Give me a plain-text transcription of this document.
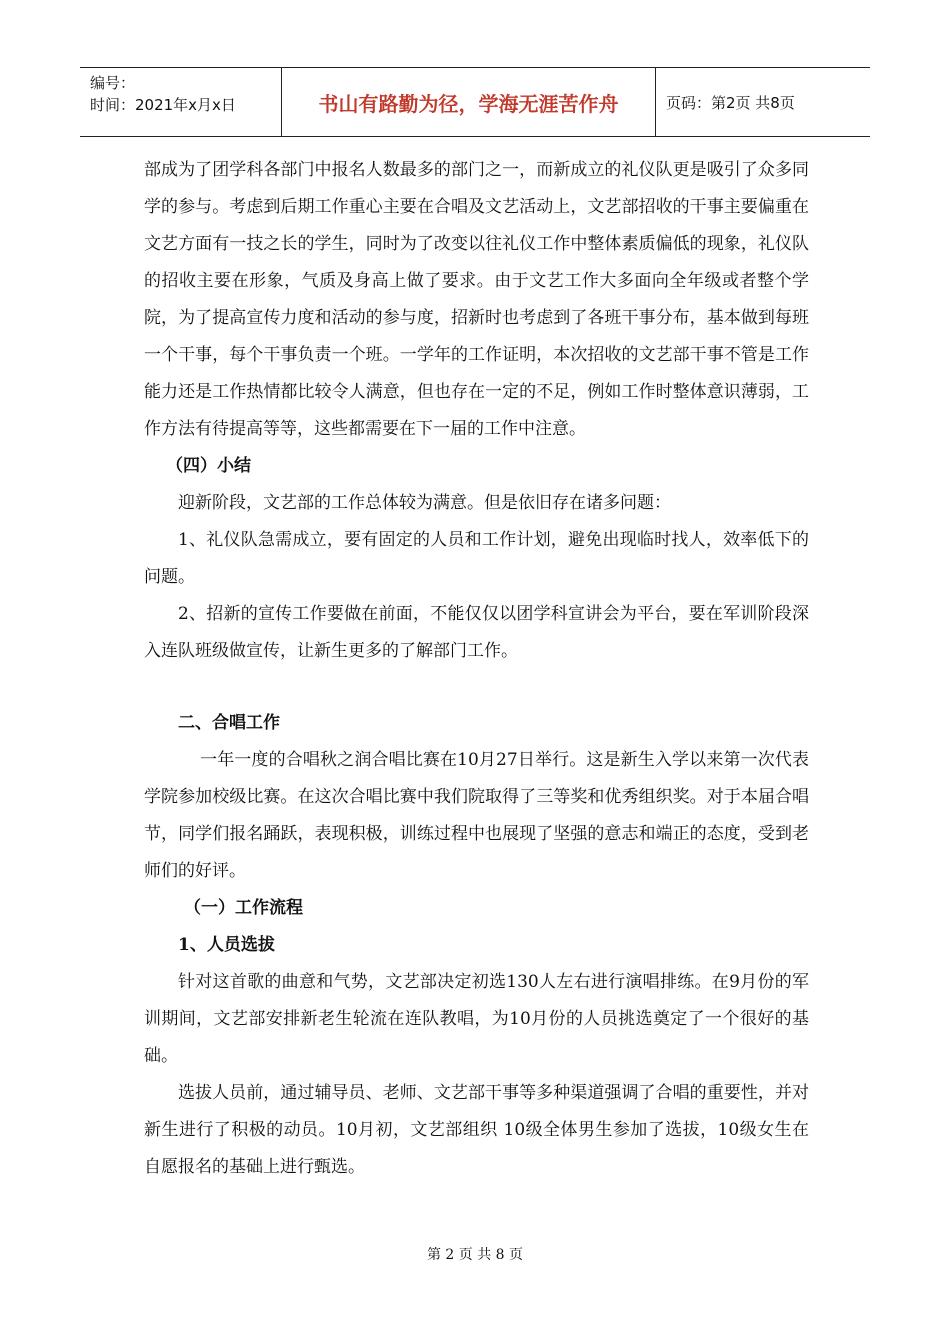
编号：
时间：2021年x月x日	书山有路勤为径，学海无涯苦作舟	页码：第2页 共8页

部成为了团学科各部门中报名人数最多的部门之一，而新成立的礼仪队更是吸引了众多同学的参与。考虑到后期工作重心主要在合唱及文艺活动上，文艺部招收的干事主要偏重在文艺方面有一技之长的学生，同时为了改变以往礼仪工作中整体素质偏低的现象，礼仪队的招收主要在形象，气质及身高上做了要求。由于文艺工作大多面向全年级或者整个学院，为了提高宣传力度和活动的参与度，招新时也考虑到了各班干事分布，基本做到每班一个干事，每个干事负责一个班。一学年的工作证明，本次招收的文艺部干事不管是工作能力还是工作热情都比较令人满意，但也存在一定的不足，例如工作时整体意识薄弱，工作方法有待提高等等，这些都需要在下一届的工作中注意。

（四）小结

迎新阶段，文艺部的工作总体较为满意。但是依旧存在诸多问题：

1、礼仪队急需成立，要有固定的人员和工作计划，避免出现临时找人，效率低下的问题。

2、招新的宣传工作要做在前面，不能仅仅以团学科宣讲会为平台，要在军训阶段深入连队班级做宣传，让新生更多的了解部门工作。

二、合唱工作

一年一度的合唱秋之润合唱比赛在10月27日举行。这是新生入学以来第一次代表学院参加校级比赛。在这次合唱比赛中我们院取得了三等奖和优秀组织奖。对于本届合唱节，同学们报名踊跃，表现积极，训练过程中也展现了坚强的意志和端正的态度，受到老师们的好评。

（一）工作流程

1、人员选拔

针对这首歌的曲意和气势，文艺部决定初选130人左右进行演唱排练。在9月份的军训期间，文艺部安排新老生轮流在连队教唱，为10月份的人员挑选奠定了一个很好的基础。

选拔人员前，通过辅导员、老师、文艺部干事等多种渠道强调了合唱的重要性，并对新生进行了积极的动员。10月初，文艺部组织 10级全体男生参加了选拔，10级女生在自愿报名的基础上进行甄选。

第 2 页 共 8 页
